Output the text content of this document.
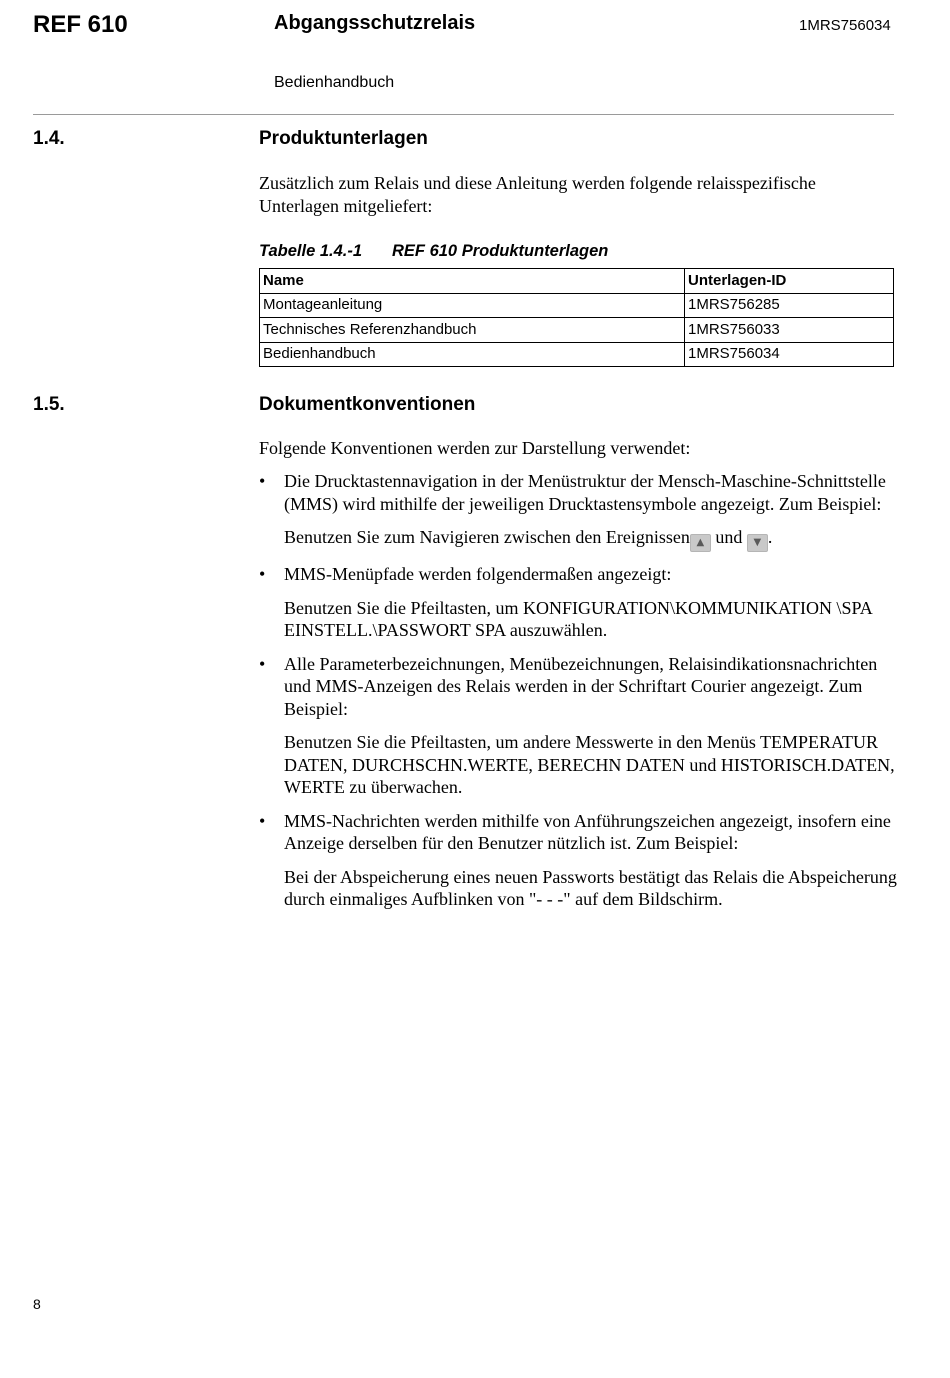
REF 610	Abgangsschutzrelais	1MRS756034
Bedienhandbuch
1.4.	Produktunterlagen
Zusätzlich zum Relais und diese Anleitung werden folgende relaisspezifische Unterlagen mitgeliefert:
Tabelle 1.4.-1 REF 610 Produktunterlagen
Name	Unterlagen-ID
Montageanleitung	1MRS756285
Technisches Referenzhandbuch	1MRS756033
Bedienhandbuch	1MRS756034
1.5.	Dokumentkonventionen
Folgende Konventionen werden zur Darstellung verwendet:
• Die Drucktastennavigation in der Menüstruktur der Mensch-Maschine-Schnittstelle (MMS) wird mithilfe der jeweiligen Drucktastensymbole angezeigt. Zum Beispiel:

Benutzen Sie zum Navigieren zwischen den Ereignissen ▲ und ▼ .

• MMS-Menüpfade werden folgendermaßen angezeigt:

Benutzen Sie die Pfeiltasten, um KONFIGURATION\KOMMUNIKATION \SPA EINSTELL.\PASSWORT SPA auszuwählen.

• Alle Parameterbezeichnungen, Menübezeichnungen, Relaisindikationsnachrichten und MMS-Anzeigen des Relais werden in der Schriftart Courier angezeigt. Zum Beispiel:

Benutzen Sie die Pfeiltasten, um andere Messwerte in den Menüs TEMPERATUR DATEN, DURCHSCHN.WERTE, BERECHN DATEN und HISTORISCH.DATEN, WERTE zu überwachen.

• MMS-Nachrichten werden mithilfe von Anführungszeichen angezeigt, insofern eine Anzeige derselben für den Benutzer nützlich ist. Zum Beispiel:

Bei der Abspeicherung eines neuen Passworts bestätigt das Relais die Abspeicherung durch einmaliges Aufblinken von "- - -" auf dem Bildschirm.

8
